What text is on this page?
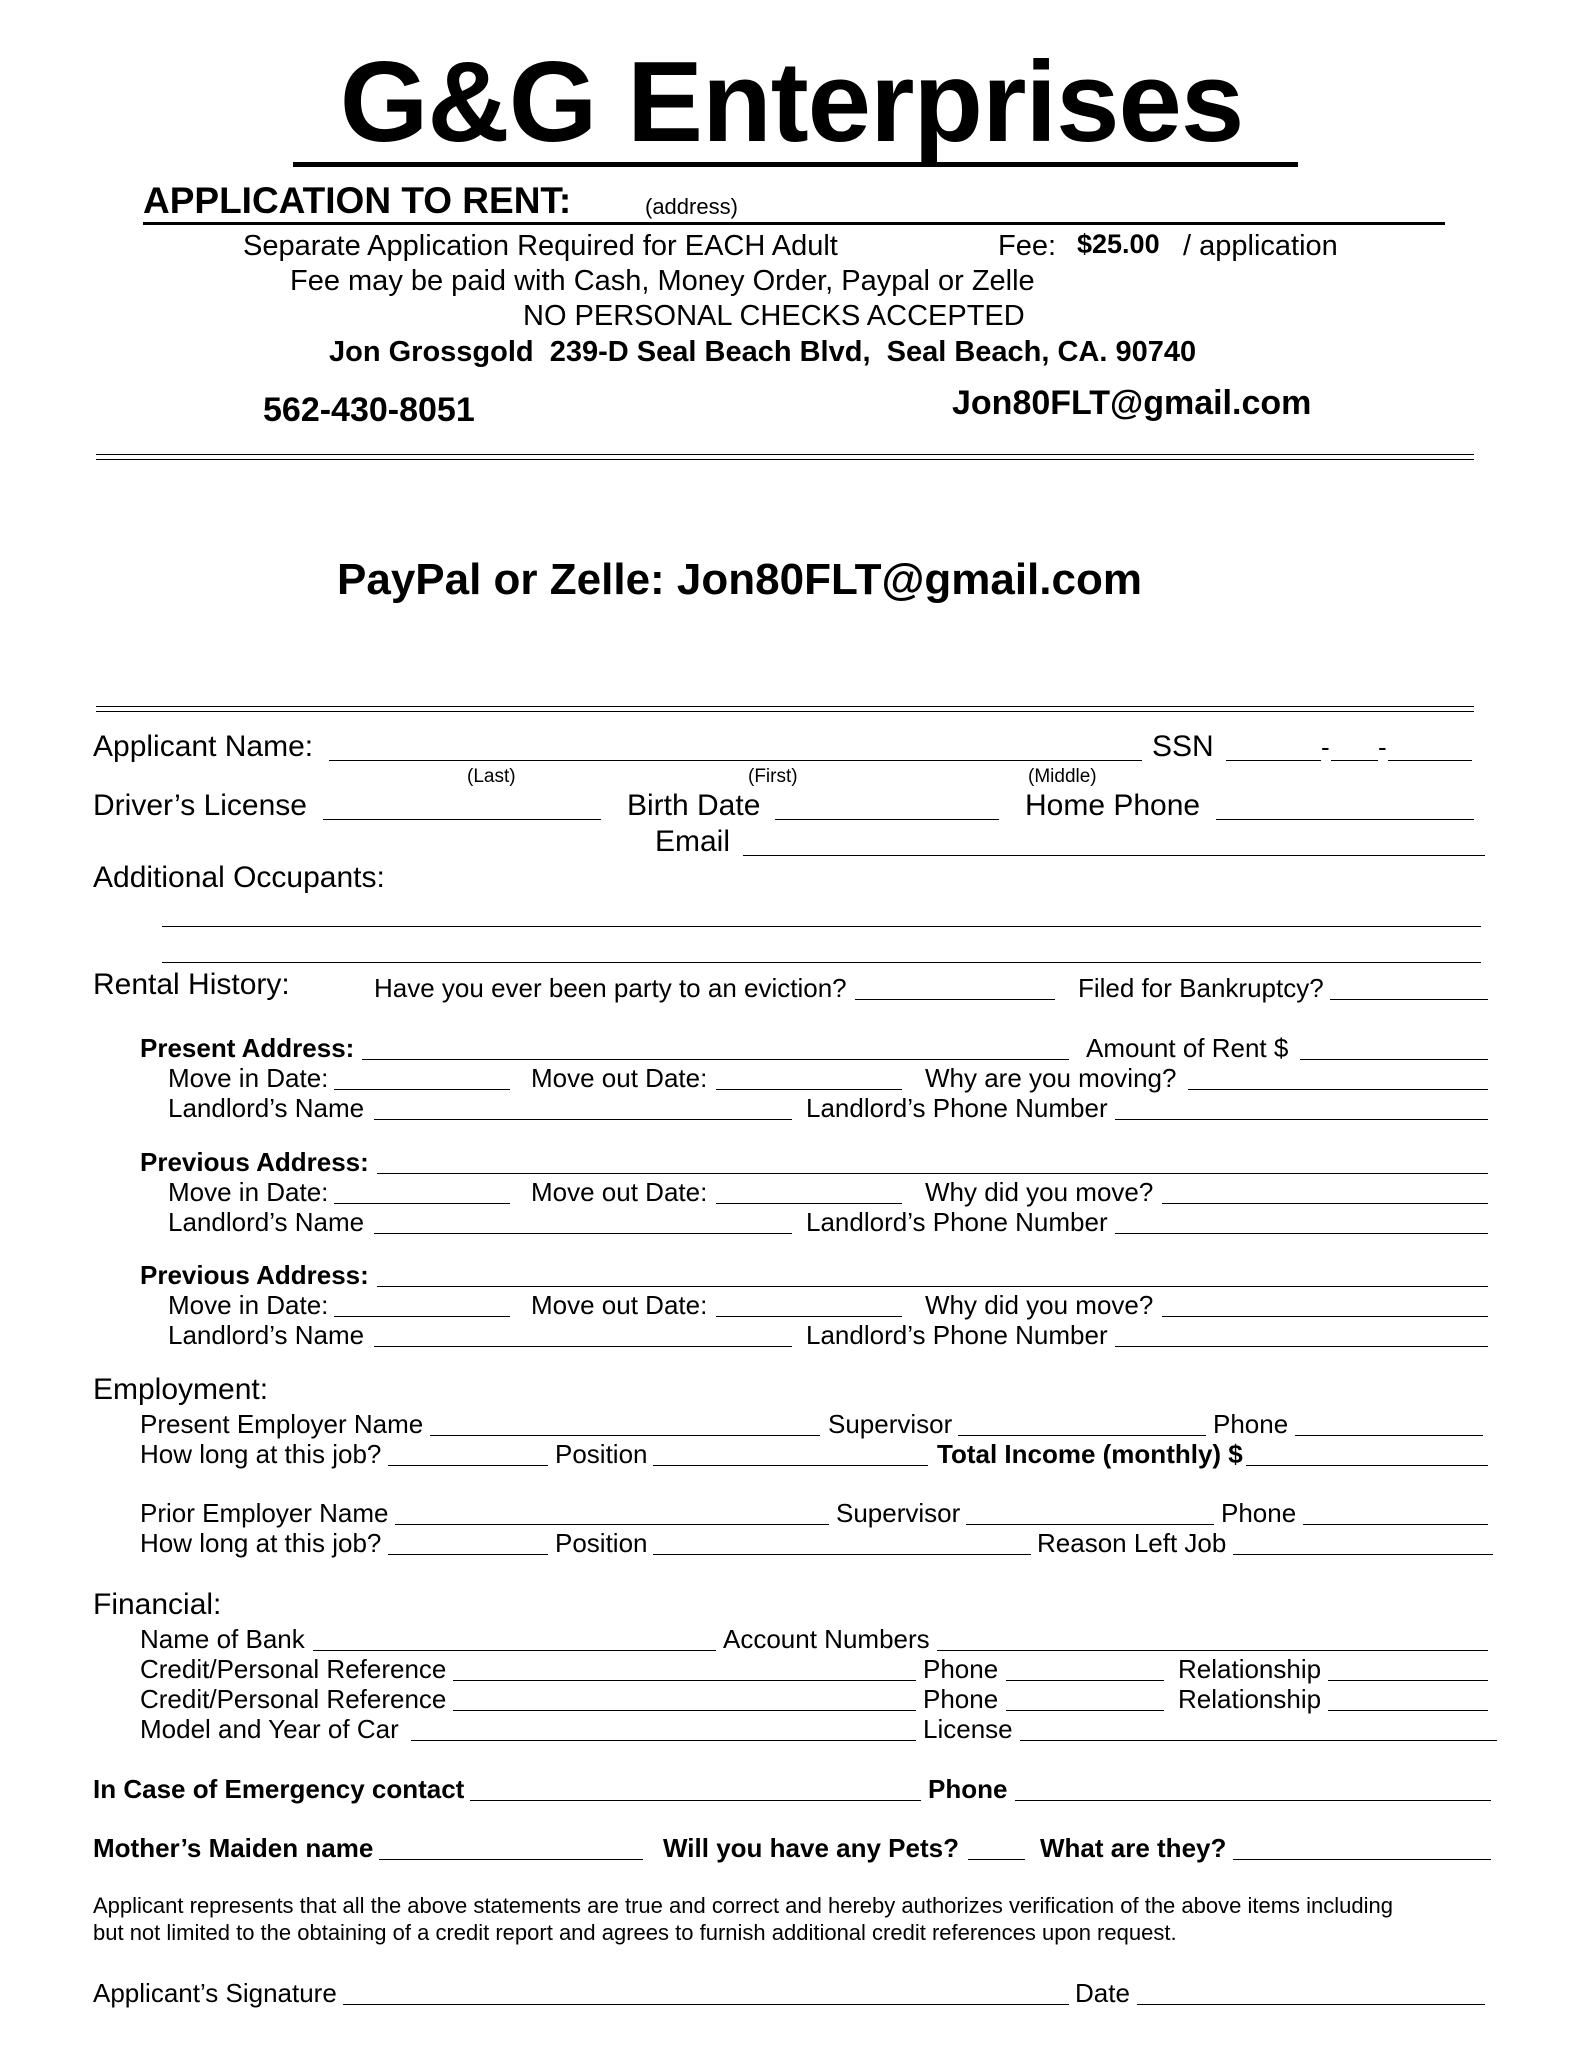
G&G Enterprises
APPLICATION TO RENT:	(address)
Separate Application Required for EACH Adult	Fee: $25.00 / application
Fee may be paid with Cash, Money Order, Paypal or Zelle
NO PERSONAL CHECKS ACCEPTED
Jon Grossgold  239-D Seal Beach Blvd,  Seal Beach, CA. 90740
562-430-8051	Jon80FLT@gmail.com
PayPal or Zelle: Jon80FLT@gmail.com
Applicant Name:	SSN	- -
(Last)	(First)	(Middle)
Driver’s License	Birth Date	Home Phone
Email
Additional Occupants:
Rental History:	Have you ever been party to an eviction?	Filed for Bankruptcy?
Present Address:	Amount of Rent $
Move in Date:	Move out Date:	Why are you moving?
Landlord’s Name	Landlord’s Phone Number
Previous Address:
Move in Date:	Move out Date:	Why did you move?
Landlord’s Name	Landlord’s Phone Number
Previous Address:
Move in Date:	Move out Date:	Why did you move?
Landlord’s Name	Landlord’s Phone Number
Employment:
Present Employer Name	Supervisor	Phone
How long at this job?	Position	Total Income (monthly) $
Prior Employer Name	Supervisor	Phone
How long at this job?	Position	Reason Left Job
Financial:
Name of Bank	Account Numbers
Credit/Personal Reference	Phone	Relationship
Credit/Personal Reference	Phone	Relationship
Model and Year of Car	License
In Case of Emergency contact	Phone
Mother’s Maiden name	Will you have any Pets?	What are they?
Applicant represents that all the above statements are true and correct and hereby authorizes verification of the above items including
but not limited to the obtaining of a credit report and agrees to furnish additional credit references upon request.
Applicant’s Signature	Date
